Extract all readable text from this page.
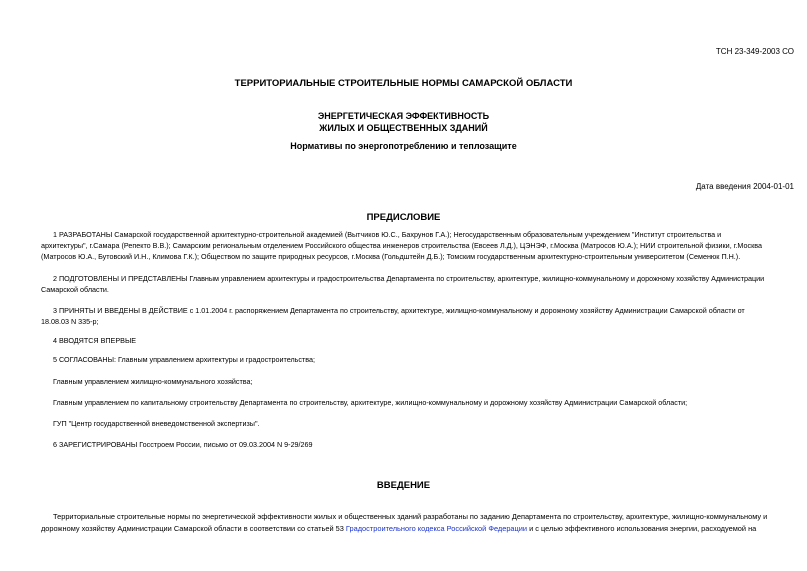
ТСН 23-349-2003 СО
ТЕРРИТОРИАЛЬНЫЕ СТРОИТЕЛЬНЫЕ НОРМЫ САМАРСКОЙ ОБЛАСТИ
ЭНЕРГЕТИЧЕСКАЯ ЭФФЕКТИВНОСТЬ
ЖИЛЫХ И ОБЩЕСТВЕННЫХ ЗДАНИЙ
Нормативы по энергопотреблению и теплозащите
Дата введения 2004-01-01
ПРЕДИСЛОВИЕ
1 РАЗРАБОТАНЫ Самарской государственной архитектурно-строительной академией (Вытчиков Ю.С., Бахрунов Г.А.); Негосударственным образовательным учреждением "Институт строительства и
архитектуры", г.Самара (Репекто В.В.); Самарским региональным отделением Российского общества инженеров строительства (Евсеев Л.Д.), ЦЭНЭФ, г.Москва (Матросов Ю.А.); НИИ строительной физики, г.Москва
(Матросов Ю.А., Бутовский И.Н., Климова Г.К.); Обществом по защите природных ресурсов, г.Москва (Гольдштейн Д.Б.); Томским государственным архитектурно-строительным университетом (Семенюк П.Н.).
2 ПОДГОТОВЛЕНЫ И ПРЕДСТАВЛЕНЫ Главным управлением архитектуры и градостроительства Департамента по строительству, архитектуре, жилищно-коммунальному и дорожному хозяйству Администрации
Самарской области.
3 ПРИНЯТЫ И ВВЕДЕНЫ В ДЕЙСТВИЕ с 1.01.2004 г. распоряжением Департамента по строительству, архитектуре, жилищно-коммунальному и дорожному хозяйству Администрации Самарской области от
18.08.03 N 335-р;
4 ВВОДЯТСЯ ВПЕРВЫЕ
5 СОГЛАСОВАНЫ: Главным управлением архитектуры и градостроительства;
Главным управлением жилищно-коммунального хозяйства;
Главным управлением по капитальному строительству Департамента по строительству, архитектуре, жилищно-коммунальному и дорожному хозяйству Администрации Самарской области;
ГУП "Центр государственной вневедомственной экспертизы".
6 ЗАРЕГИСТРИРОВАНЫ Госстроем России, письмо от 09.03.2004 N 9-29/269
ВВЕДЕНИЕ
Территориальные строительные нормы по энергетической эффективности жилых и общественных зданий разработаны по заданию Департамента по строительству, архитектуре, жилищно-коммунальному и
дорожному хозяйству Администрации Самарской области в соответствии со статьей 53 Градостроительного кодекса Российской Федерации и с целью эффективного использования энергии, расходуемой на
